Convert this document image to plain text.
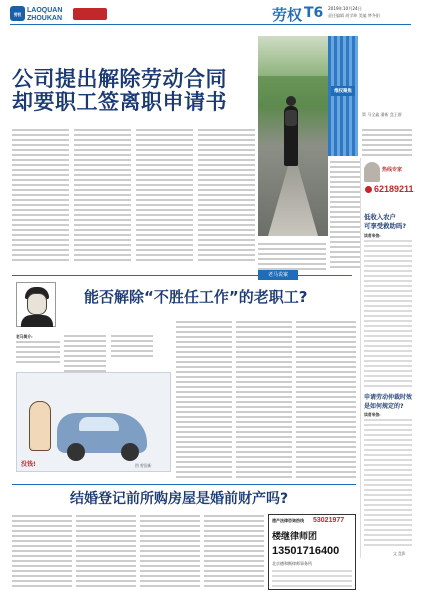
劳权
LAOQUAN
ZHOUKAN	劳权 T6 2019年10月24日
责任编辑 胡学坤 美编 梦冬阳
公司提出解除劳动合同
却要职工签离职申请书	维权聚焦
策 马全鑫 潘新 盘王群
热线专家
62189211
低收入农户
可享受救助吗?
读者来信:
申请劳动仲裁时效
是如何规定的?
读者来信:
文 盘影
老马说案
能否解除“不胜任工作”的老职工?
老马简介:
没钱!	图 曾国新
结婚登记前所购房屋是婚前财产吗?
遗产法律咨询热线 53021977
楼继律师团
13501716400
北京德和衡律师事务所
